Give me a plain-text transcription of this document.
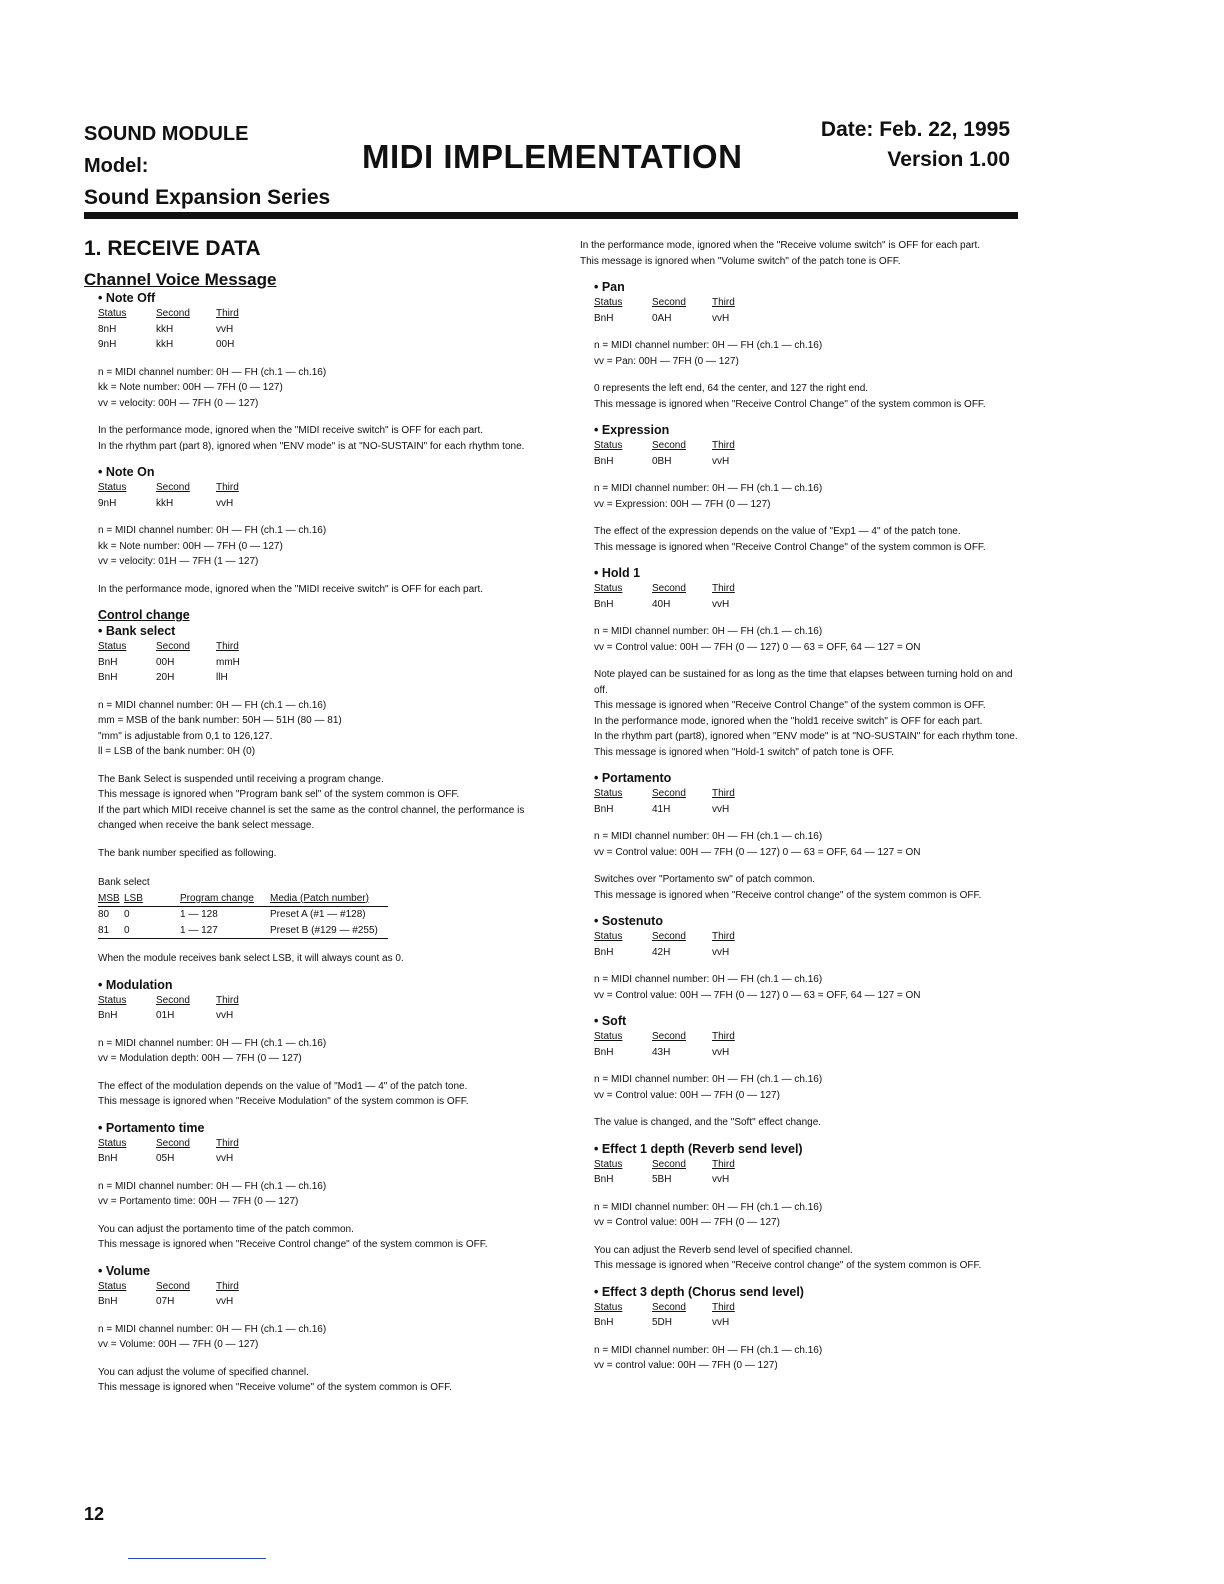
SOUND MODULE

Model:

Sound Expansion Series

MIDI IMPLEMENTATION
Date: Feb. 22, 1995
Version 1.00
1. RECEIVE DATA
Channel Voice Message
• Note Off
Status	Second	Third
8nH	kkH	vvH
9nH	kkH	00H

n = MIDI channel number: 0H — FH (ch.1 — ch.16)

kk = Note number: 00H — 7FH (0 — 127)

vv = velocity: 00H — 7FH (0 — 127)

In the performance mode, ignored when the "MIDI receive switch" is OFF for each part.

In the rhythm part (part 8), ignored when "ENV mode" is at "NO-SUSTAIN" for each rhythm tone.

• Note On
Status	Second	Third
9nH	kkH	vvH

n = MIDI channel number: 0H — FH (ch.1 — ch.16)

kk = Note number: 00H — 7FH (0 — 127)

vv = velocity: 01H — 7FH (1 — 127)

In the performance mode, ignored when the "MIDI receive switch" is OFF for each part.

Control change
• Bank select
Status	Second	Third
BnH	00H	mmH
BnH	20H	llH

n = MIDI channel number: 0H — FH (ch.1 — ch.16)

mm = MSB of the bank number: 50H — 51H (80 — 81)

"mm" is adjustable from 0,1 to 126,127.

ll = LSB of the bank number: 0H (0)

The Bank Select is suspended until receiving a program change.

This message is ignored when "Program bank sel" of the system common is OFF.

If the part which MIDI receive channel is set the same as the control channel, the performance is changed when receive the bank select message.

The bank number specified as following.

Bank select

MSB LSB	Program change	Media (Patch number)
80	0	1 — 128	Preset A (#1 — #128)
81	0	1 — 127	Preset B (#129 — #255)
When the module receives bank select LSB, it will always count as 0.
• Modulation
Status	Second	Third
BnH	01H	vvH

n = MIDI channel number: 0H — FH (ch.1 — ch.16)

vv = Modulation depth: 00H — 7FH (0 — 127)

The effect of the modulation depends on the value of "Mod1 — 4" of the patch tone.

This message is ignored when "Receive Modulation" of the system common is OFF.

• Portamento time
Status	Second	Third
BnH	05H	vvH

n = MIDI channel number: 0H — FH (ch.1 — ch.16)

vv = Portamento time: 00H — 7FH (0 — 127)

You can adjust the portamento time of the patch common.

This message is ignored when "Receive Control change" of the system common is OFF.

• Volume
Status	Second	Third
BnH	07H	vvH

n = MIDI channel number: 0H — FH (ch.1 — ch.16)

vv = Volume: 00H — 7FH (0 — 127)

You can adjust the volume of specified channel.

This message is ignored when "Receive volume" of the system common is OFF.

In the performance mode, ignored when the "Receive volume switch" is OFF for each part.

This message is ignored when "Volume switch" of the patch tone is OFF.

• Pan
Status	Second	Third
BnH	0AH	vvH

n = MIDI channel number: 0H — FH (ch.1 — ch.16)

vv = Pan: 00H — 7FH (0 — 127)

0 represents the left end, 64 the center, and 127 the right end.

This message is ignored when "Receive Control Change" of the system common is OFF.

• Expression
Status	Second	Third
BnH	0BH	vvH

n = MIDI channel number: 0H — FH (ch.1 — ch.16)

vv = Expression: 00H — 7FH (0 — 127)

The effect of the expression depends on the value of "Exp1 — 4" of the patch tone.

This message is ignored when "Receive Control Change" of the system common is OFF.

• Hold 1
Status	Second	Third
BnH	40H	vvH

n = MIDI channel number: 0H — FH (ch.1 — ch.16)

vv = Control value: 00H — 7FH (0 — 127) 0 — 63 = OFF, 64 — 127 = ON

Note played can be sustained for as long as the time that elapses between turning hold on and off.

This message is ignored when "Receive Control Change" of the system common is OFF.

In the performance mode, ignored when the "hold1 receive switch" is OFF for each part.

In the rhythm part (part8), ignored when "ENV mode" is at "NO-SUSTAIN" for each rhythm tone.

This message is ignored when "Hold-1 switch" of patch tone is OFF.

• Portamento
Status	Second	Third
BnH	41H	vvH

n = MIDI channel number: 0H — FH (ch.1 — ch.16)

vv = Control value: 00H — 7FH (0 — 127) 0 — 63 = OFF, 64 — 127 = ON

Switches over "Portamento sw" of patch common.

This message is ignored when "Receive control change" of the system common is OFF.

• Sostenuto
Status	Second	Third
BnH	42H	vvH

n = MIDI channel number: 0H — FH (ch.1 — ch.16)

vv = Control value: 00H — 7FH (0 — 127) 0 — 63 = OFF, 64 — 127 = ON

• Soft
Status	Second	Third
BnH	43H	vvH

n = MIDI channel number: 0H — FH (ch.1 — ch.16)

vv = Control value: 00H — 7FH (0 — 127)

The value is changed, and the "Soft" effect change.

• Effect 1 depth (Reverb send level)
Status	Second	Third
BnH	5BH	vvH

n = MIDI channel number: 0H — FH (ch.1 — ch.16)

vv = Control value: 00H — 7FH (0 — 127)

You can adjust the Reverb send level of specified channel.

This message is ignored when "Receive control change" of the system common is OFF.

• Effect 3 depth (Chorus send level)
Status	Second	Third
BnH	5DH	vvH

n = MIDI channel number: 0H — FH (ch.1 — ch.16)

vv = control value: 00H — 7FH (0 — 127)

12
